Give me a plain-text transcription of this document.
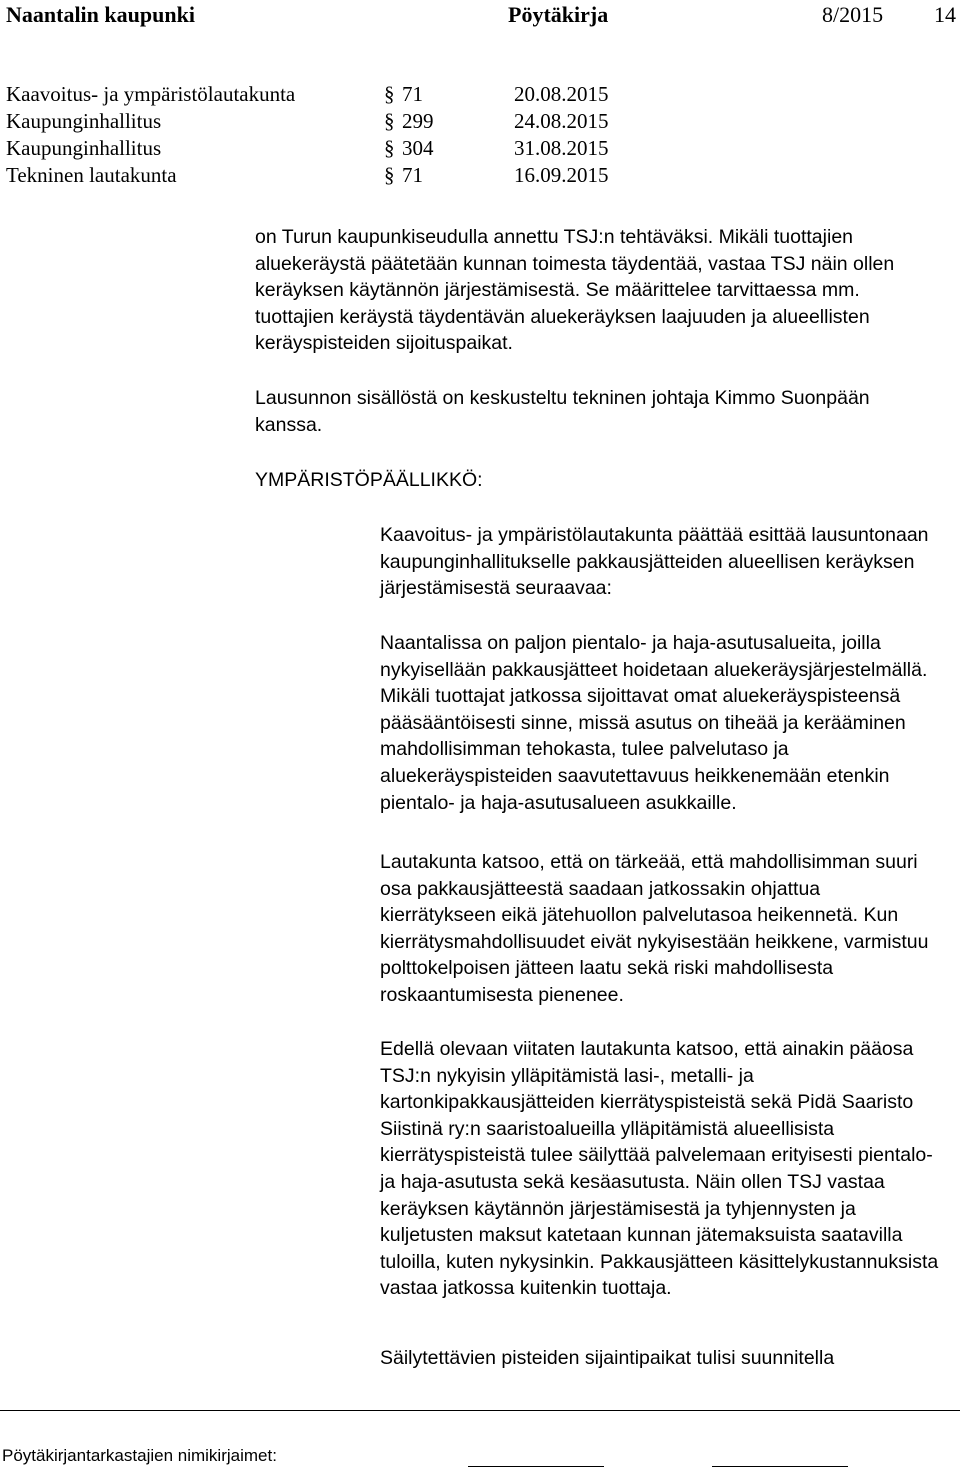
Naantalin kaupunki	Pöytäkirja	8/2015 14
Kaavoitus- ja ympäristölautakunta	§ 71	20.08.2015
Kaupunginhallitus	§ 299	24.08.2015
Kaupunginhallitus	§ 304	31.08.2015
Tekninen lautakunta	§ 71	16.09.2015

on Turun kaupunkiseudulla annettu TSJ:n tehtäväksi. Mikäli tuottajien aluekeräystä päätetään kunnan toimesta täydentää, vastaa TSJ näin ollen keräyksen käytännön järjestämisestä. Se määrittelee tarvittaessa mm. tuottajien keräystä täydentävän aluekeräyksen laajuuden ja alueellisten keräyspisteiden sijoituspaikat.

Lausunnon sisällöstä on keskusteltu tekninen johtaja Kimmo Suonpään kanssa.

YMPÄRISTÖPÄÄLLIKKÖ:

Kaavoitus- ja ympäristölautakunta päättää esittää lausuntonaan kaupunginhallitukselle pakkausjätteiden alueellisen keräyksen järjestämisestä seuraavaa:

Naantalissa on paljon pientalo- ja haja-asutusalueita, joilla nykyisellään pakkausjätteet hoidetaan aluekeräysjärjestelmällä. Mikäli tuottajat jatkossa sijoittavat omat aluekeräyspisteensä pääsääntöisesti sinne, missä asutus on tiheää ja kerääminen mahdollisimman tehokasta, tulee palvelutaso ja aluekeräyspisteiden saavutettavuus heikkenemään etenkin pientalo- ja haja-asutusalueen asukkaille.

Lautakunta katsoo, että on tärkeää, että mahdollisimman suuri osa pakkausjätteestä saadaan jatkossakin ohjattua kierrätykseen eikä jätehuollon palvelutasoa heikennetä. Kun kierrätysmahdollisuudet eivät nykyisestään heikkene, varmistuu polttokelpoisen jätteen laatu sekä riski mahdollisesta roskaantumisesta pienenee.

Edellä olevaan viitaten lautakunta katsoo, että ainakin pääosa TSJ:n nykyisin ylläpitämistä lasi-, metalli- ja kartonkipakkausjätteiden kierrätyspisteistä sekä Pidä Saaristo Siistinä ry:n saaristoalueilla ylläpitämistä alueellisista kierrätyspisteistä tulee säilyttää palvelemaan erityisesti pientalo- ja haja-asutusta sekä kesäasutusta. Näin ollen TSJ vastaa keräyksen käytännön järjestämisestä ja tyhjennysten ja kuljetusten maksut katetaan kunnan jätemaksuista saatavilla tuloilla, kuten nykysinkin. Pakkausjätteen käsittelykustannuksista vastaa jatkossa kuitenkin tuottaja.

Säilytettävien pisteiden sijaintipaikat tulisi suunnitella

Pöytäkirjantarkastajien nimikirjaimet:
